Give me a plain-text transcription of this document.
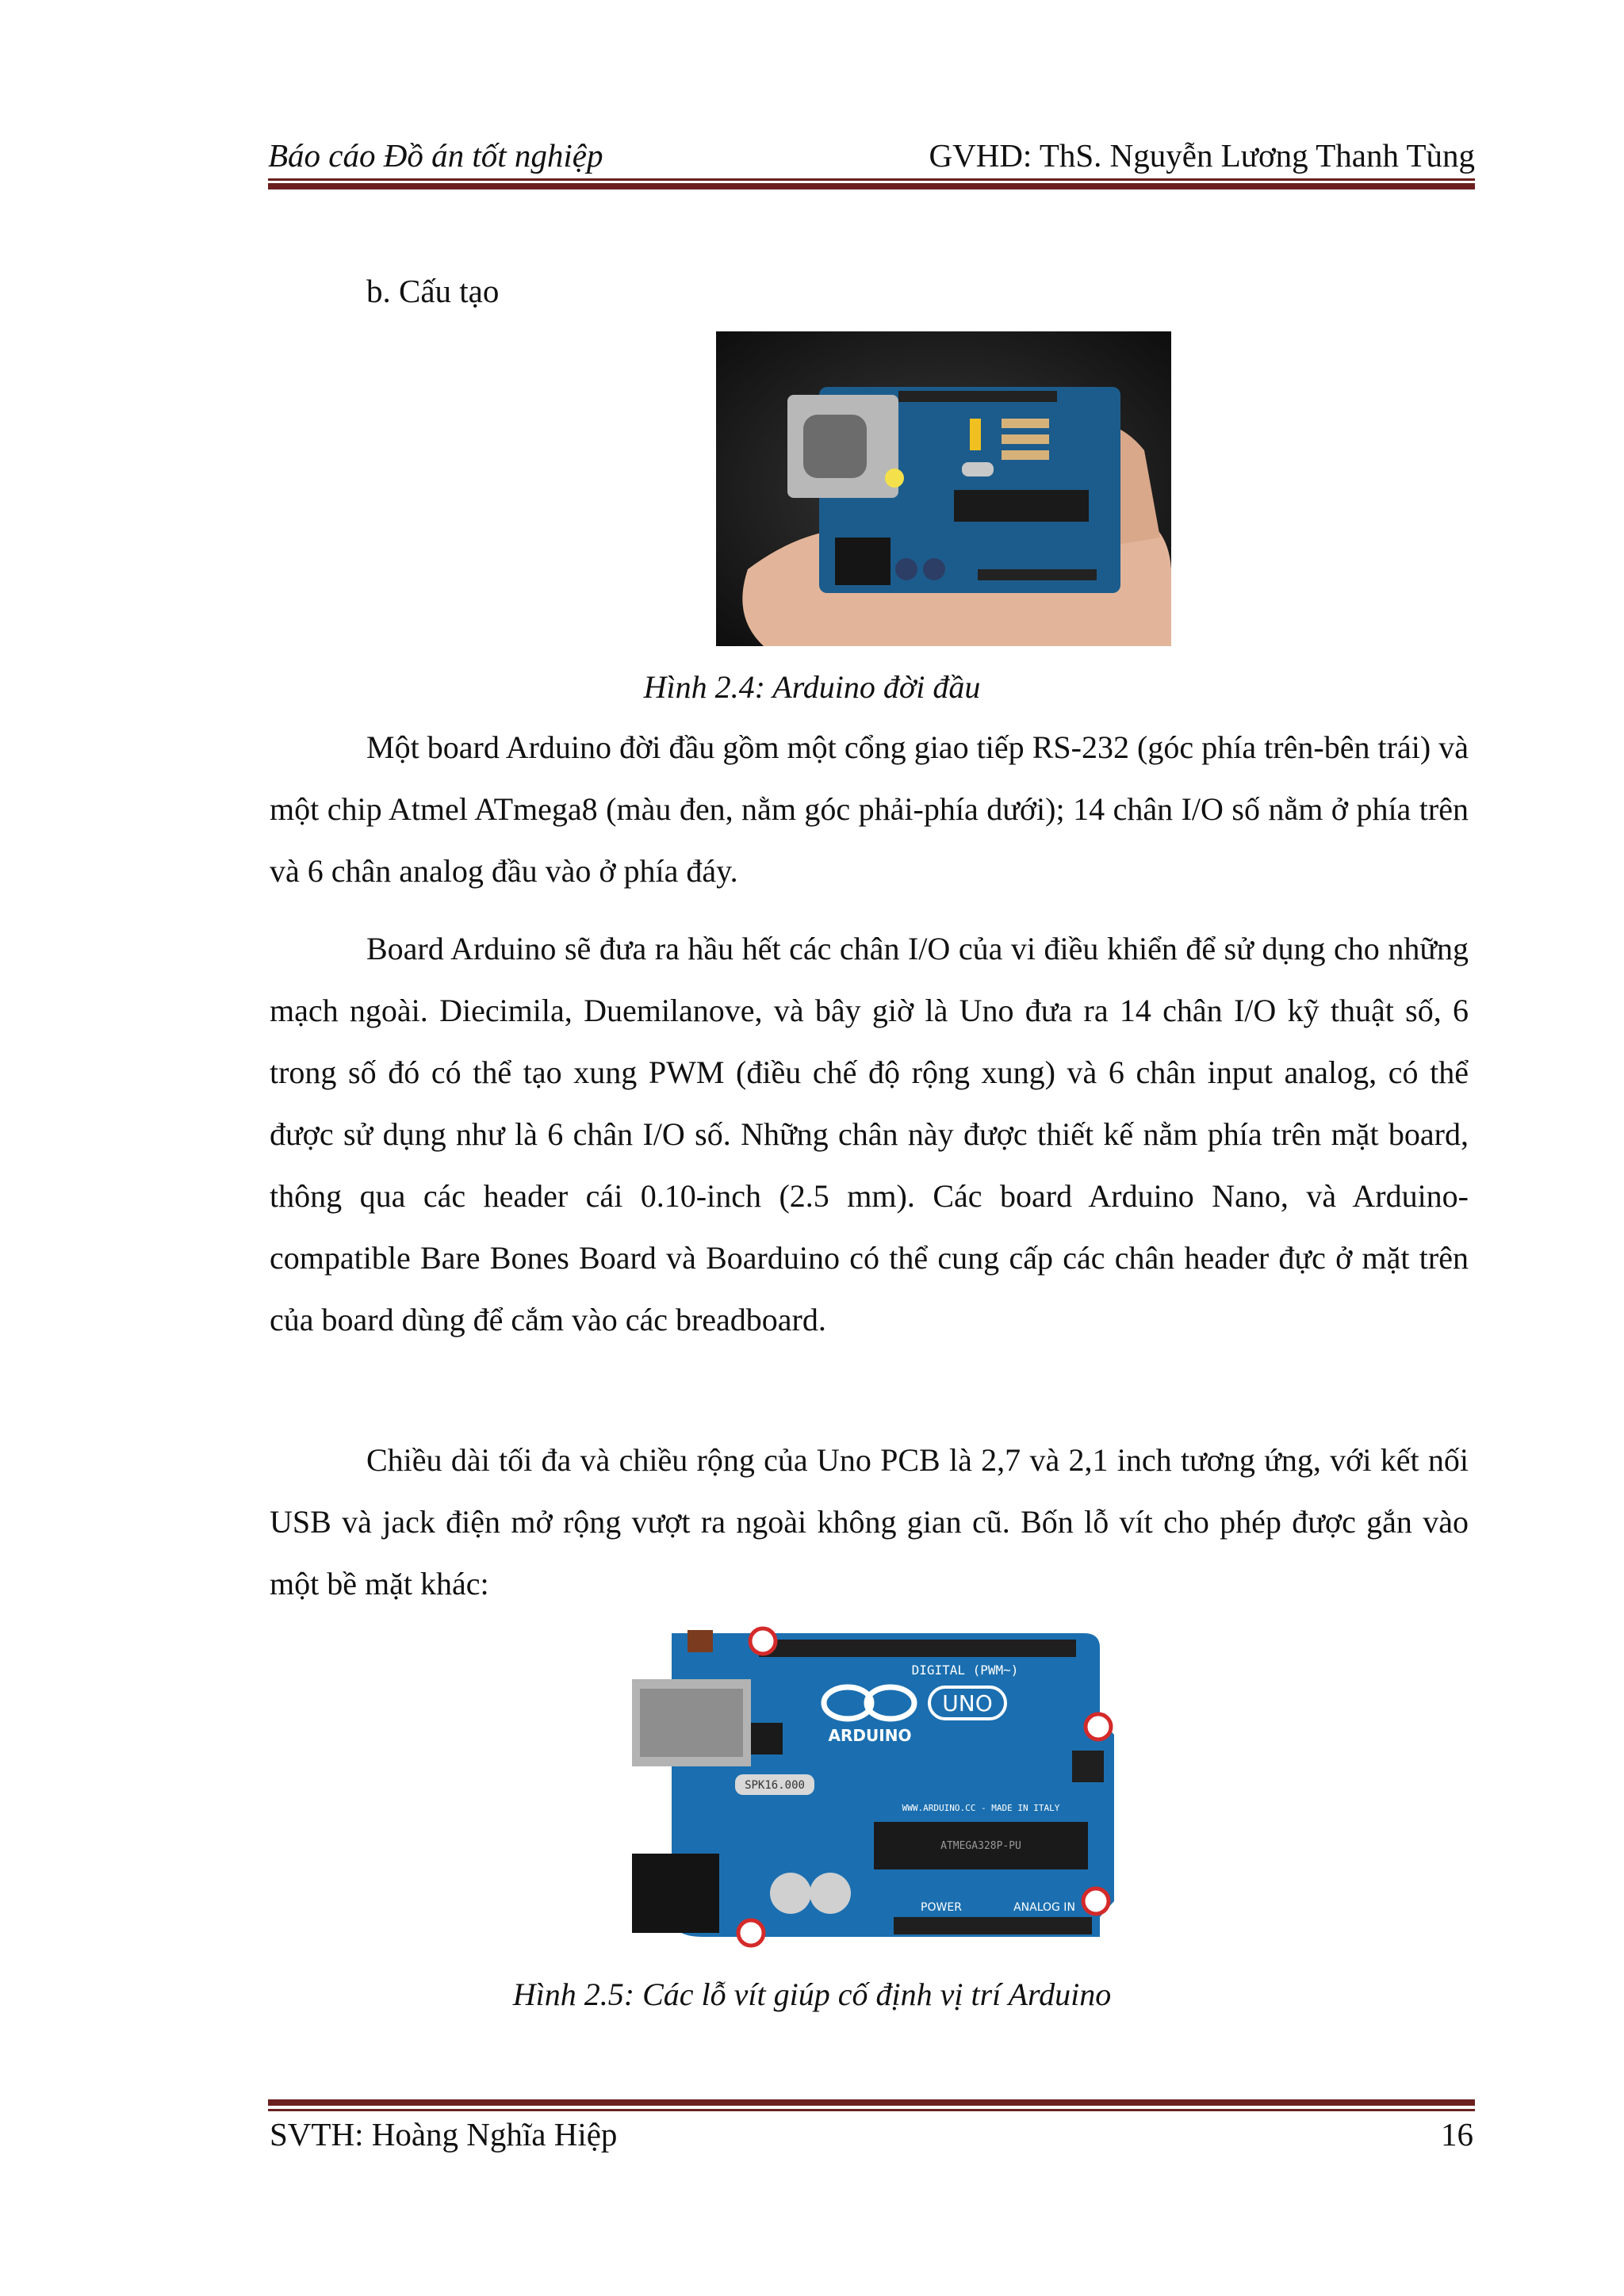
Báo cáo Đồ án tốt nghiệp	GVHD: ThS. Nguyễn Lương Thanh Tùng
b. Cấu tạo
Hình 2.4: Arduino đời đầu

Một board Arduino đời đầu gồm một cổng giao tiếp RS-232 (góc phía trên-bên trái) và một chip Atmel ATmega8 (màu đen, nằm góc phải-phía dưới); 14 chân I/O số nằm ở phía trên và 6 chân analog đầu vào ở phía đáy.

Board Arduino sẽ đưa ra hầu hết các chân I/O của vi điều khiển để sử dụng cho những mạch ngoài. Diecimila, Duemilanove, và bây giờ là Uno đưa ra 14 chân I/O kỹ thuật số, 6 trong số đó có thể tạo xung PWM (điều chế độ rộng xung) và 6 chân input analog, có thể được sử dụng như là 6 chân I/O số. Những chân này được thiết kế nằm phía trên mặt board, thông qua các header cái 0.10-inch (2.5 mm). Các board Arduino Nano, và Arduino-compatible Bare Bones Board và Boarduino có thể cung cấp các chân header đực ở mặt trên của board dùng để cắm vào các breadboard.

Chiều dài tối đa và chiều rộng của Uno PCB là 2,7 và 2,1 inch tương ứng, với kết nối USB và jack điện mở rộng vượt ra ngoài không gian cũ. Bốn lỗ vít cho phép được gắn vào một bề mặt khác:

SPK16.000
ATMEGA328P-PU
DIGITAL (PWM~)
ARDUINO
UNO
WWW.ARDUINO.CC - MADE IN ITALY
POWER	ANALOG IN
Hình 2.5: Các lỗ vít giúp cố định vị trí Arduino
SVTH: Hoàng Nghĩa Hiệp	16
